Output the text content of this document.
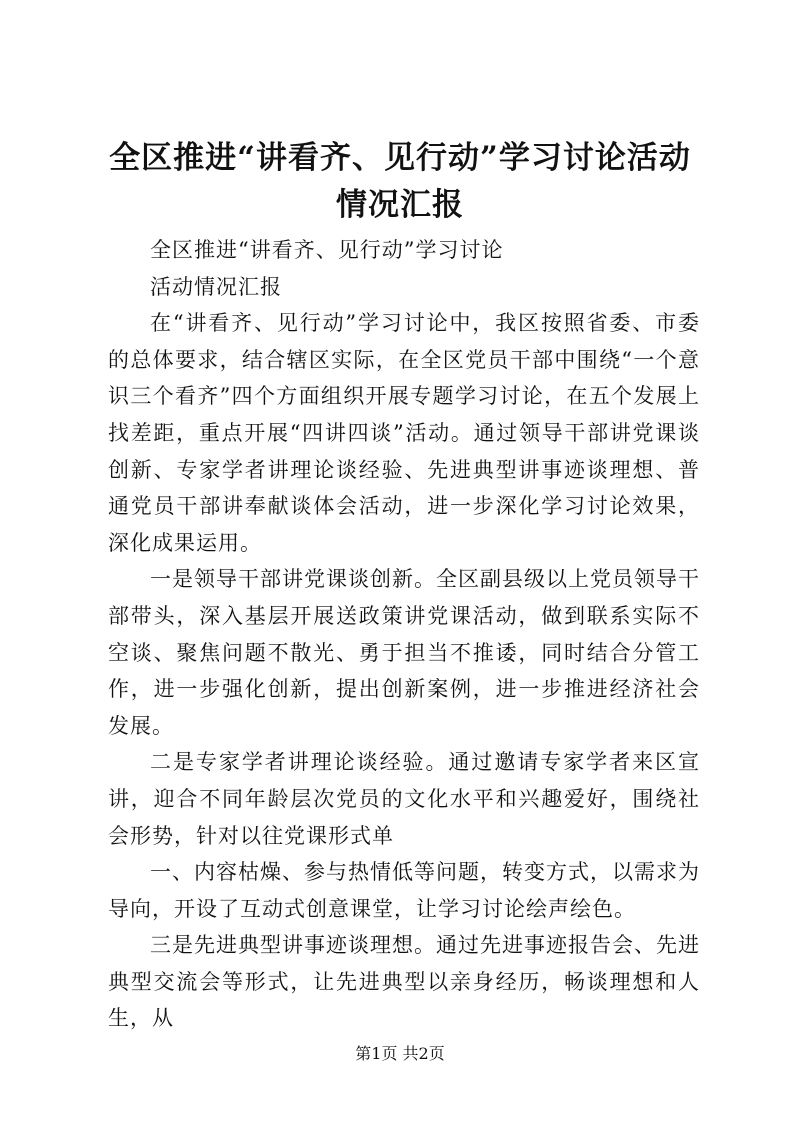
全区推进“讲看齐、见行动”学习讨论活动情况汇报

全区推进“讲看齐、见行动”学习讨论

活动情况汇报

在“讲看齐、见行动”学习讨论中，我区按照省委、市委的总体要求，结合辖区实际，在全区党员干部中围绕“一个意识三个看齐”四个方面组织开展专题学习讨论，在五个发展上找差距，重点开展“四讲四谈”活动。通过领导干部讲党课谈创新、专家学者讲理论谈经验、先进典型讲事迹谈理想、普通党员干部讲奉献谈体会活动，进一步深化学习讨论效果，深化成果运用。

一是领导干部讲党课谈创新。全区副县级以上党员领导干部带头，深入基层开展送政策讲党课活动，做到联系实际不空谈、聚焦问题不散光、勇于担当不推诿，同时结合分管工作，进一步强化创新，提出创新案例，进一步推进经济社会发展。

二是专家学者讲理论谈经验。通过邀请专家学者来区宣讲，迎合不同年龄层次党员的文化水平和兴趣爱好，围绕社会形势，针对以往党课形式单

一、内容枯燥、参与热情低等问题，转变方式，以需求为导向，开设了互动式创意课堂，让学习讨论绘声绘色。

三是先进典型讲事迹谈理想。通过先进事迹报告会、先进典型交流会等形式，让先进典型以亲身经历，畅谈理想和人生，从

第1页 共2页
